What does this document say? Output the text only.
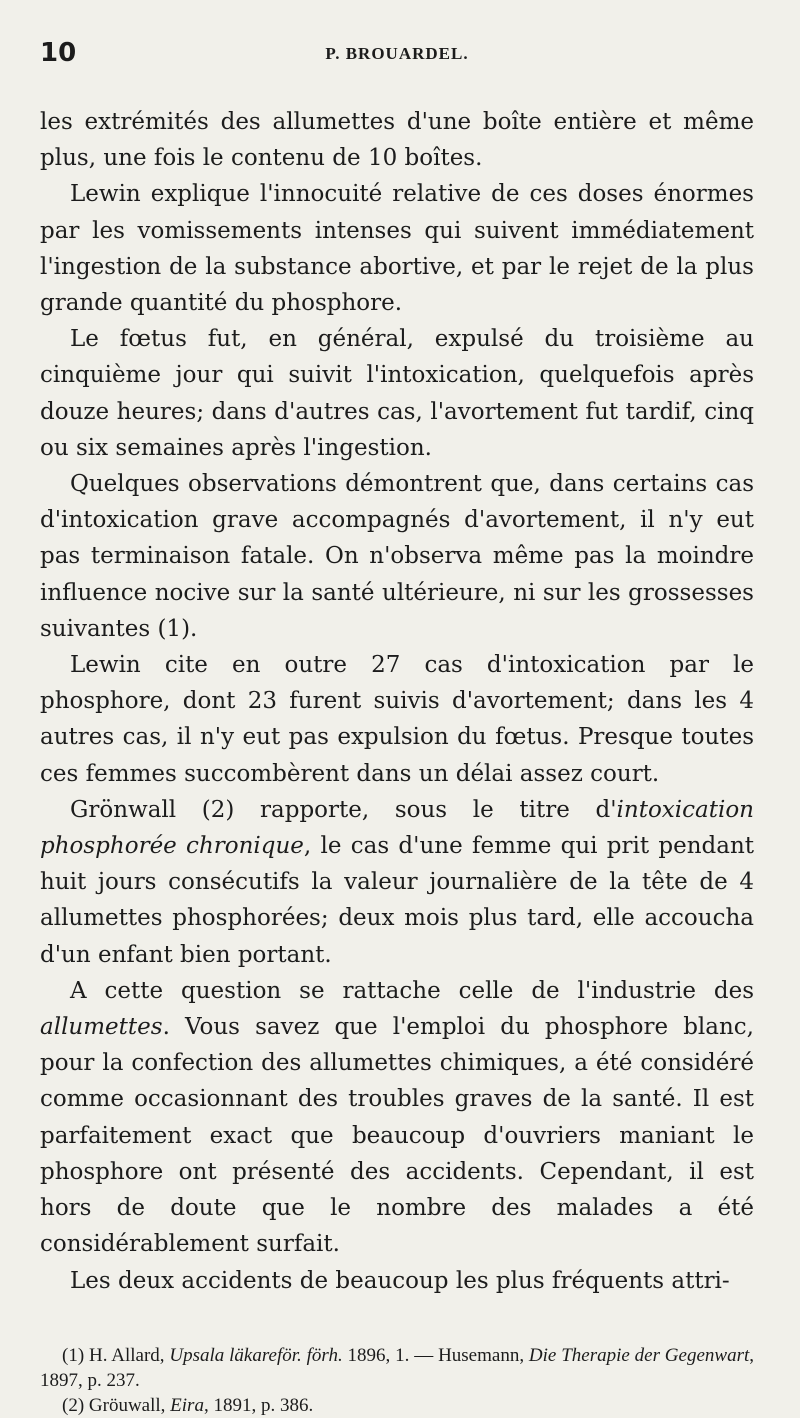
10	P. BROUARDEL.

les extrémités des allumettes d'une boîte entière et même plus, une fois le contenu de 10 boîtes.

Lewin explique l'innocuité relative de ces doses énormes par les vomissements intenses qui suivent immédiatement l'ingestion de la substance abortive, et par le rejet de la plus grande quantité du phosphore.

Le fœtus fut, en général, expulsé du troisième au cinquième jour qui suivit l'intoxication, quelquefois après douze heures; dans d'autres cas, l'avortement fut tardif, cinq ou six semaines après l'ingestion.

Quelques observations démontrent que, dans certains cas d'intoxication grave accompagnés d'avortement, il n'y eut pas terminaison fatale. On n'observa même pas la moindre influence nocive sur la santé ultérieure, ni sur les grossesses suivantes (1).

Lewin cite en outre 27 cas d'intoxication par le phosphore, dont 23 furent suivis d'avortement; dans les 4 autres cas, il n'y eut pas expulsion du fœtus. Presque toutes ces femmes succombèrent dans un délai assez court.

Grönwall (2) rapporte, sous le titre d'intoxication phosphorée chronique, le cas d'une femme qui prit pendant huit jours consécutifs la valeur journalière de la tête de 4 allumettes phosphorées; deux mois plus tard, elle accoucha d'un enfant bien portant.

A cette question se rattache celle de l'industrie des allumettes. Vous savez que l'emploi du phosphore blanc, pour la confection des allumettes chimiques, a été considéré comme occasionnant des troubles graves de la santé. Il est parfaitement exact que beaucoup d'ouvriers maniant le phosphore ont présenté des accidents. Cependant, il est hors de doute que le nombre des malades a été considérablement surfait.

Les deux accidents de beaucoup les plus fréquents attri-

(1) H. Allard, Upsala läkareför. förh. 1896, 1. — Husemann, Die Therapie der Gegenwart, 1897, p. 237.

(2) Gröuwall, Eira, 1891, p. 386.
